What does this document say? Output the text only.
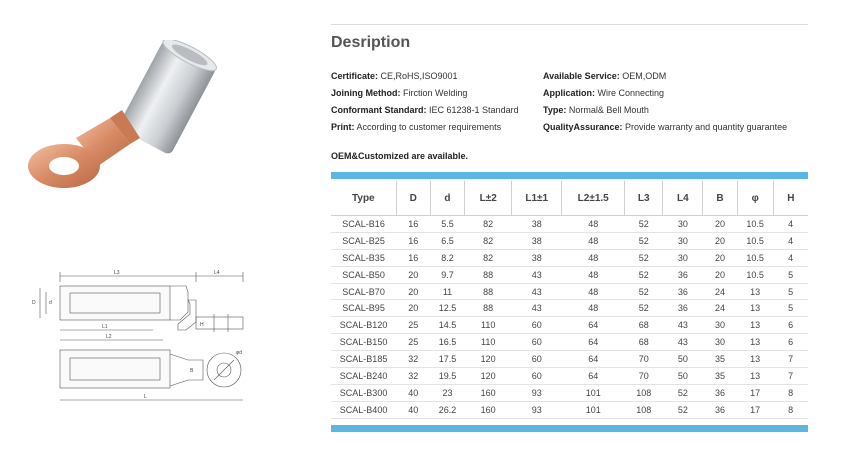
L3	L4
L1
L2
L
D	d
B
H
φd
Desription
Certificate: CE,RoHS,ISO9001	Available Service: OEM,ODM
Joining Method: Firction Welding	Application: Wire Connecting
Conformant Standard: IEC 61238-1 Standard	Type: Normal& Bell Mouth
Print: According to customer requirements	QualityAssurance: Provide warranty and quantity guarantee
OEM&Customized are available.
Type	D	d	L±2	L1±1	L2±1.5	L3	L4	B	φ	H
SCAL-B16	16	5.5	82	38	48	52	30	20	10.5	4
SCAL-B25	16	6.5	82	38	48	52	30	20	10.5	4
SCAL-B35	16	8.2	82	38	48	52	30	20	10.5	4
SCAL-B50	20	9.7	88	43	48	52	36	20	10.5	5
SCAL-B70	20	11	88	43	48	52	36	24	13	5
SCAL-B95	20	12.5	88	43	48	52	36	24	13	5
SCAL-B120	25	14.5	110	60	64	68	43	30	13	6
SCAL-B150	25	16.5	110	60	64	68	43	30	13	6
SCAL-B185	32	17.5	120	60	64	70	50	35	13	7
SCAL-B240	32	19.5	120	60	64	70	50	35	13	7
SCAL-B300	40	23	160	93	101	108	52	36	17	8
SCAL-B400	40	26.2	160	93	101	108	52	36	17	8
